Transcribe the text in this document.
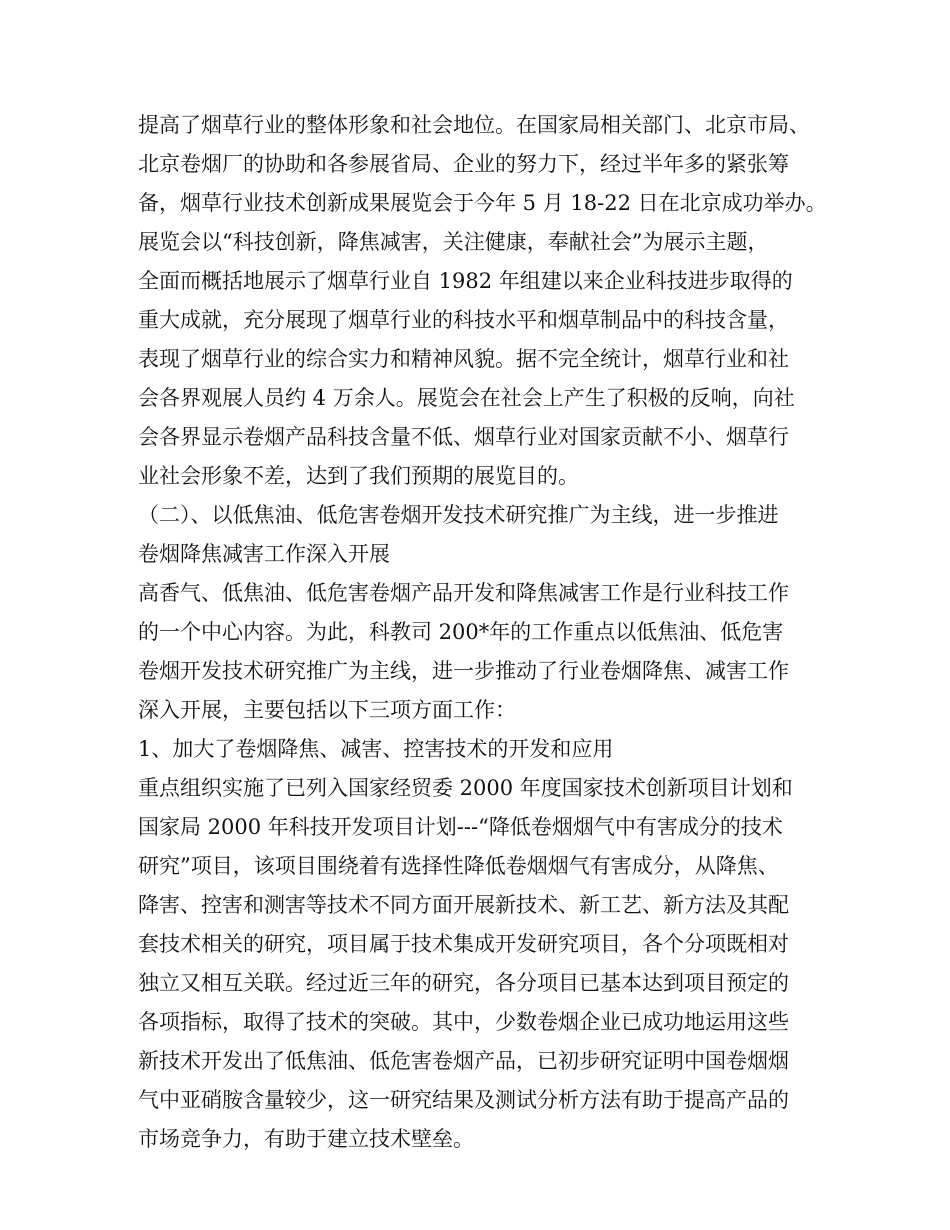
提高了烟草行业的整体形象和社会地位。在国家局相关部门、北京市局、
北京卷烟厂的协助和各参展省局、企业的努力下，经过半年多的紧张筹
备，烟草行业技术创新成果展览会于今年 5 月 18-22 日在北京成功举办。
展览会以“科技创新，降焦减害，关注健康，奉献社会”为展示主题，
全面而概括地展示了烟草行业自 1982 年组建以来企业科技进步取得的
重大成就，充分展现了烟草行业的科技水平和烟草制品中的科技含量，
表现了烟草行业的综合实力和精神风貌。据不完全统计，烟草行业和社
会各界观展人员约 4 万余人。展览会在社会上产生了积极的反响，向社
会各界显示卷烟产品科技含量不低、烟草行业对国家贡献不小、烟草行
业社会形象不差，达到了我们预期的展览目的。
（二）、以低焦油、低危害卷烟开发技术研究推广为主线，进一步推进
卷烟降焦减害工作深入开展
高香气、低焦油、低危害卷烟产品开发和降焦减害工作是行业科技工作
的一个中心内容。为此，科教司 200*年的工作重点以低焦油、低危害
卷烟开发技术研究推广为主线，进一步推动了行业卷烟降焦、减害工作
深入开展，主要包括以下三项方面工作：
1、加大了卷烟降焦、减害、控害技术的开发和应用
重点组织实施了已列入国家经贸委 2000 年度国家技术创新项目计划和
国家局 2000 年科技开发项目计划---“降低卷烟烟气中有害成分的技术
研究”项目，该项目围绕着有选择性降低卷烟烟气有害成分，从降焦、
降害、控害和测害等技术不同方面开展新技术、新工艺、新方法及其配
套技术相关的研究，项目属于技术集成开发研究项目，各个分项既相对
独立又相互关联。经过近三年的研究，各分项目已基本达到项目预定的
各项指标，取得了技术的突破。其中，少数卷烟企业已成功地运用这些
新技术开发出了低焦油、低危害卷烟产品，已初步研究证明中国卷烟烟
气中亚硝胺含量较少，这一研究结果及测试分析方法有助于提高产品的
市场竞争力，有助于建立技术壁垒。
